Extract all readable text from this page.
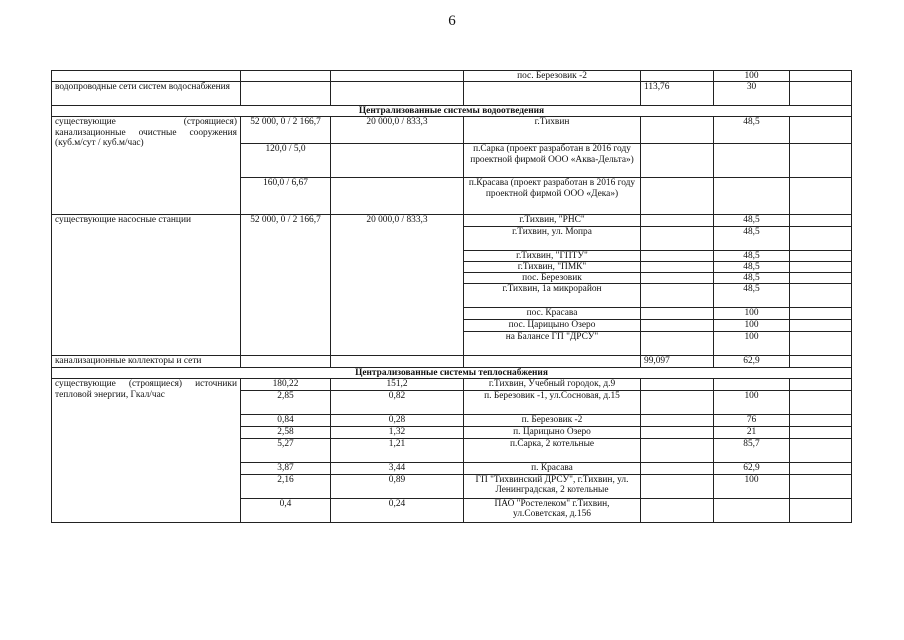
6
			пос. Березовик -2		100	
водопроводные сети систем водоснабжения				113,76	30	
Централизованные системы водоотведения						
существующие (строящиеся) канализационные очистные сооружения (куб.м/сут / куб.м/час)	52 000, 0 / 2 166,7	20 000,0 / 833,3	г.Тихвин		48,5	
	120,0 / 5,0		п.Сарка (проект разработан в 2016 году проектной фирмой ООО «Аква-Дельта»)			
	160,0 / 6,67		п.Красава (проект разработан в 2016 году проектной фирмой ООО «Дека»)			
существующие насосные станции	52 000, 0 / 2 166,7	20 000,0 / 833,3	г.Тихвин, "РНС"		48,5	
			г.Тихвин, ул. Мопра		48,5	
			г.Тихвин, "ГПТУ"		48,5	
			г.Тихвин, "ПМК"		48,5	
			пос. Березовик		48,5	
			г.Тихвин, 1а микрорайон		48,5	
			пос. Красава		100	
			пос. Царицыно Озеро		100	
			на Балансе ГП "ДРСУ"		100	
канализационные коллекторы и сети				99,097	62,9	
Централизованные системы теплоснабжения						
существующие (строящиеся) источники тепловой энергии, Гкал/час	180,22	151,2	г.Тихвин, Учебный городок, д.9			
	2,85	0,82	п. Березовик -1, ул.Сосновая, д.15		100	
	0,84	0,28	п. Березовик -2		76	
	2,58	1,32	п. Царицыно Озеро		21	
	5,27	1,21	п.Сарка, 2 котельные		85,7	
	3,87	3,44	п. Красава		62,9	
	2,16	0,89	ГП "Тихвинский ДРСУ", г.Тихвин, ул. Ленинградская, 2 котельные		100	
	0,4	0,24	ПАО "Ростелеком" г.Тихвин, ул.Советская, д.156			
